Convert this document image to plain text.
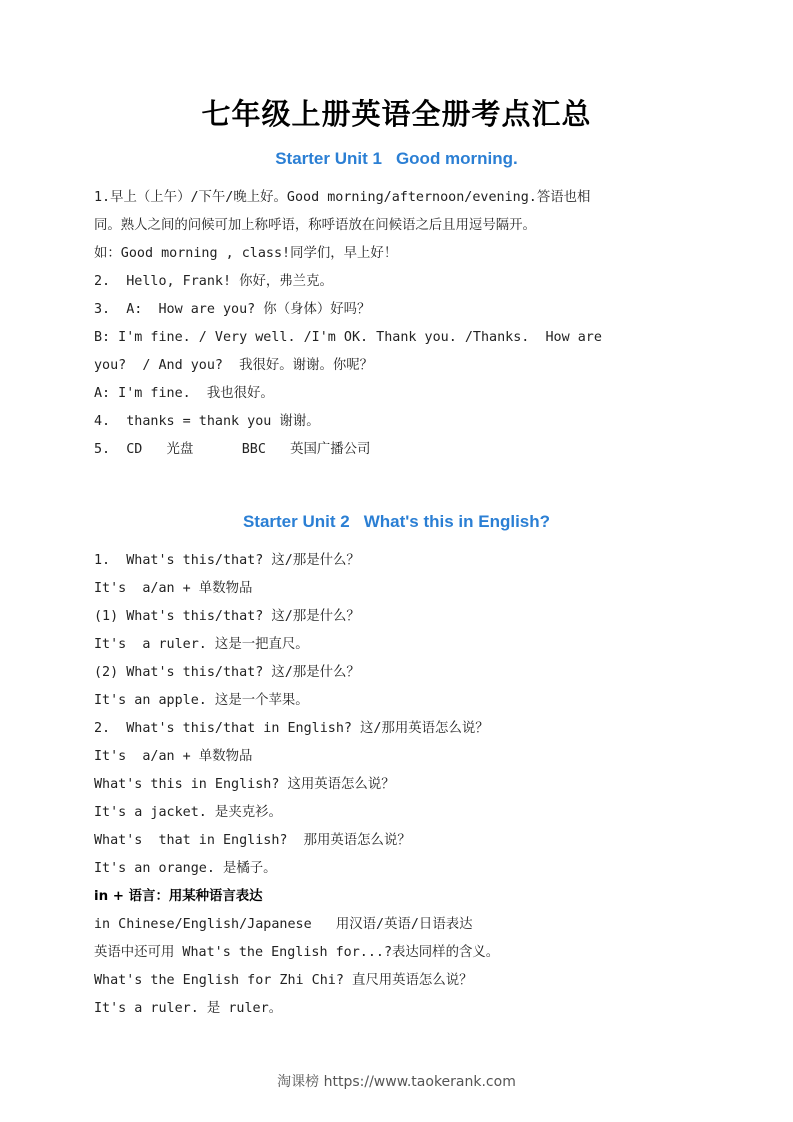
七年级上册英语全册考点汇总
Starter Unit 1 Good morning.
1.早上（上午）/下午/晚上好。Good morning/afternoon/evening.答语也相
同。熟人之间的问候可加上称呼语，称呼语放在问候语之后且用逗号隔开。
如：Good morning , class!同学们，早上好！
2.  Hello, Frank! 你好，弗兰克。
3.  A:  How are you? 你（身体）好吗？
B: I'm fine. / Very well. /I'm OK. Thank you. /Thanks.  How are
you?  / And you?  我很好。谢谢。你呢？
A: I'm fine.  我也很好。
4.  thanks = thank you 谢谢。
5.  CD   光盘      BBC   英国广播公司
Starter Unit 2 What's this in English?
1.  What's this/that? 这/那是什么？
It's  a/an + 单数物品
(1) What's this/that? 这/那是什么？
It's  a ruler. 这是一把直尺。
(2) What's this/that? 这/那是什么？
It's an apple. 这是一个苹果。
2.  What's this/that in English? 这/那用英语怎么说？
It's  a/an + 单数物品
What's this in English? 这用英语怎么说？
It's a jacket. 是夹克衫。
What's  that in English?  那用英语怎么说？
It's an orange. 是橘子。
in + 语言：用某种语言表达
in Chinese/English/Japanese   用汉语/英语/日语表达
英语中还可用 What's the English for...?表达同样的含义。
What's the English for Zhi Chi? 直尺用英语怎么说？
It's a ruler. 是 ruler。
淘课榜 https://www.taokerank.com
